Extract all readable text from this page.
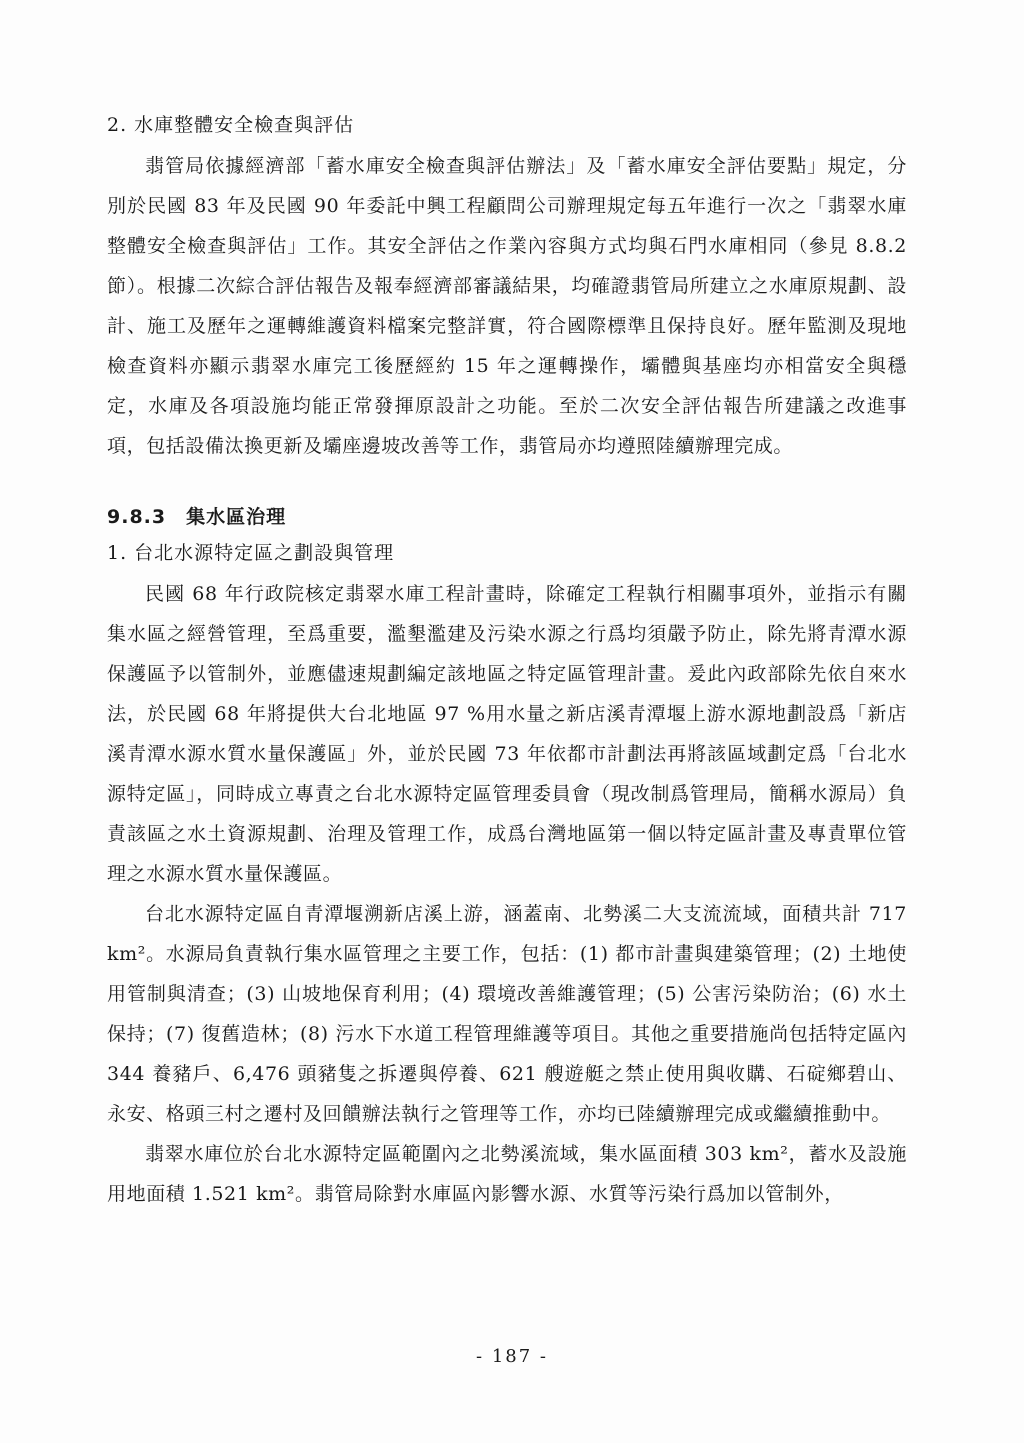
2. 水庫整體安全檢查與評估

翡管局依據經濟部「蓄水庫安全檢查與評估辦法」及「蓄水庫安全評估要點」規定，分別於民國 83 年及民國 90 年委託中興工程顧問公司辦理規定每五年進行一次之「翡翠水庫整體安全檢查與評估」工作。其安全評估之作業內容與方式均與石門水庫相同（參見 8.8.2 節）。根據二次綜合評估報告及報奉經濟部審議結果，均確證翡管局所建立之水庫原規劃、設計、施工及歷年之運轉維護資料檔案完整詳實，符合國際標準且保持良好。歷年監測及現地檢查資料亦顯示翡翠水庫完工後歷經約 15 年之運轉操作，壩體與基座均亦相當安全與穩定，水庫及各項設施均能正常發揮原設計之功能。至於二次安全評估報告所建議之改進事項，包括設備汰換更新及壩座邊坡改善等工作，翡管局亦均遵照陸續辦理完成。

9.8.3　集水區治理
1. 台北水源特定區之劃設與管理

民國 68 年行政院核定翡翠水庫工程計畫時，除確定工程執行相關事項外，並指示有關集水區之經營管理，至爲重要，濫墾濫建及污染水源之行爲均須嚴予防止，除先將青潭水源保護區予以管制外，並應儘速規劃編定該地區之特定區管理計畫。爰此內政部除先依自來水法，於民國 68 年將提供大台北地區 97 %用水量之新店溪青潭堰上游水源地劃設爲「新店溪青潭水源水質水量保護區」外，並於民國 73 年依都市計劃法再將該區域劃定爲「台北水源特定區」，同時成立專責之台北水源特定區管理委員會（現改制爲管理局，簡稱水源局）負責該區之水土資源規劃、治理及管理工作，成爲台灣地區第一個以特定區計畫及專責單位管理之水源水質水量保護區。

台北水源特定區自青潭堰溯新店溪上游，涵蓋南、北勢溪二大支流流域，面積共計 717 km²。水源局負責執行集水區管理之主要工作，包括：(1) 都市計畫與建築管理；(2) 土地使用管制與清查；(3) 山坡地保育利用；(4) 環境改善維護管理；(5) 公害污染防治；(6) 水土保持；(7) 復舊造林；(8) 污水下水道工程管理維護等項目。其他之重要措施尚包括特定區內 344 養豬戶、6,476 頭豬隻之拆遷與停養、621 艘遊艇之禁止使用與收購、石碇鄉碧山、永安、格頭三村之遷村及回饋辦法執行之管理等工作，亦均已陸續辦理完成或繼續推動中。

翡翠水庫位於台北水源特定區範圍內之北勢溪流域，集水區面積 303 km²，蓄水及設施用地面積 1.521 km²。翡管局除對水庫區內影響水源、水質等污染行爲加以管制外，

- 187 -
